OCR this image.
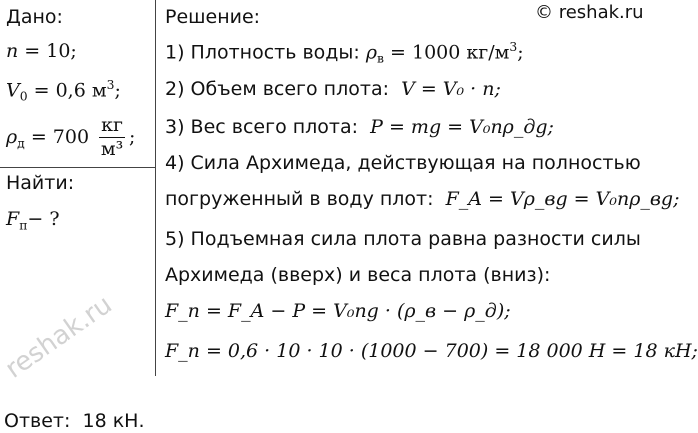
© reshak.ru
reshak.ru
Дано:
n = 10;
$V_0 = 0,6$ $м^3$;
$\rho_д = 700 \frac{кг}{\text{м³}}$ ;
Найти:
$F_п-$ ?
Решение:
1) Плотность воды: $\rho_в = 1000$ $кг/м^3$;
2) Объем всего плота: V = V₀ · n;
3) Вес всего плота: P = mg = V₀nρ_дg;
4) Сила Архимеда, действующая на полностью
погруженный в воду плот: F_A = Vρ_вg = V₀nρ_вg;
5) Подъемная сила плота равна разности силы
Архимеда (вверх) и веса плота (вниз):
F_п = F_A − P = V₀ng · (ρ_в − ρ_д);
F_п = 0,6 · 10 · 10 · (1000 − 700) = 18 000 Н = 18 кН;
Ответ: 18 кН.
